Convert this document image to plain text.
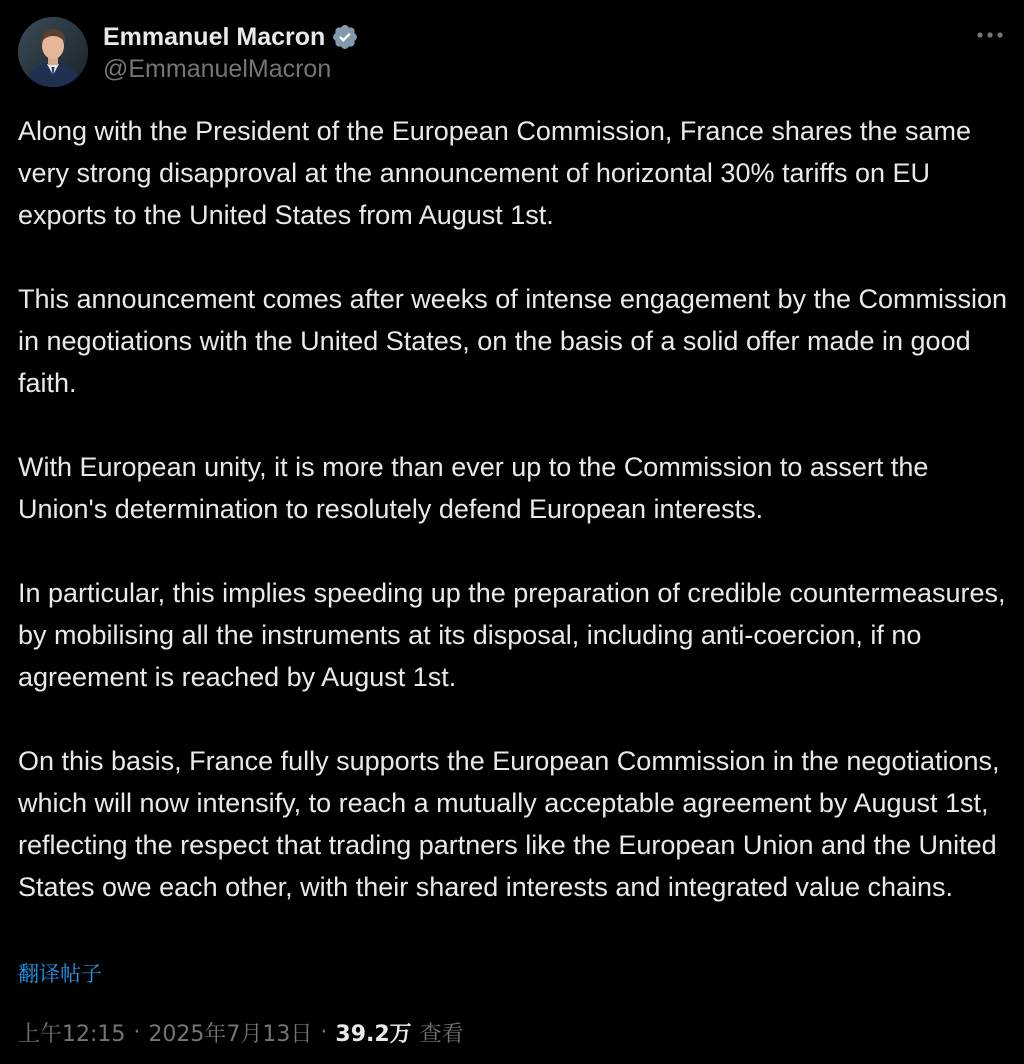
Emmanuel Macron
@EmmanuelMacron

Along with the President of the European Commission, France shares the same very strong disapproval at the announcement of horizontal 30% tariffs on EU exports to the United States from August 1st.

This announcement comes after weeks of intense engagement by the Commission in negotiations with the United States, on the basis of a solid offer made in good faith.

With European unity, it is more than ever up to the Commission to assert the Union's determination to resolutely defend European interests.

In particular, this implies speeding up the preparation of credible countermeasures, by mobilising all the instruments at its disposal, including anti-coercion, if no agreement is reached by August 1st.

On this basis, France fully supports the European Commission in the negotiations, which will now intensify, to reach a mutually acceptable agreement by August 1st, reflecting the respect that trading partners like the European Union and the United States owe each other, with their shared interests and integrated value chains.

翻译帖子
上午12:15 · 2025年7月13日 · 39.2万 查看
